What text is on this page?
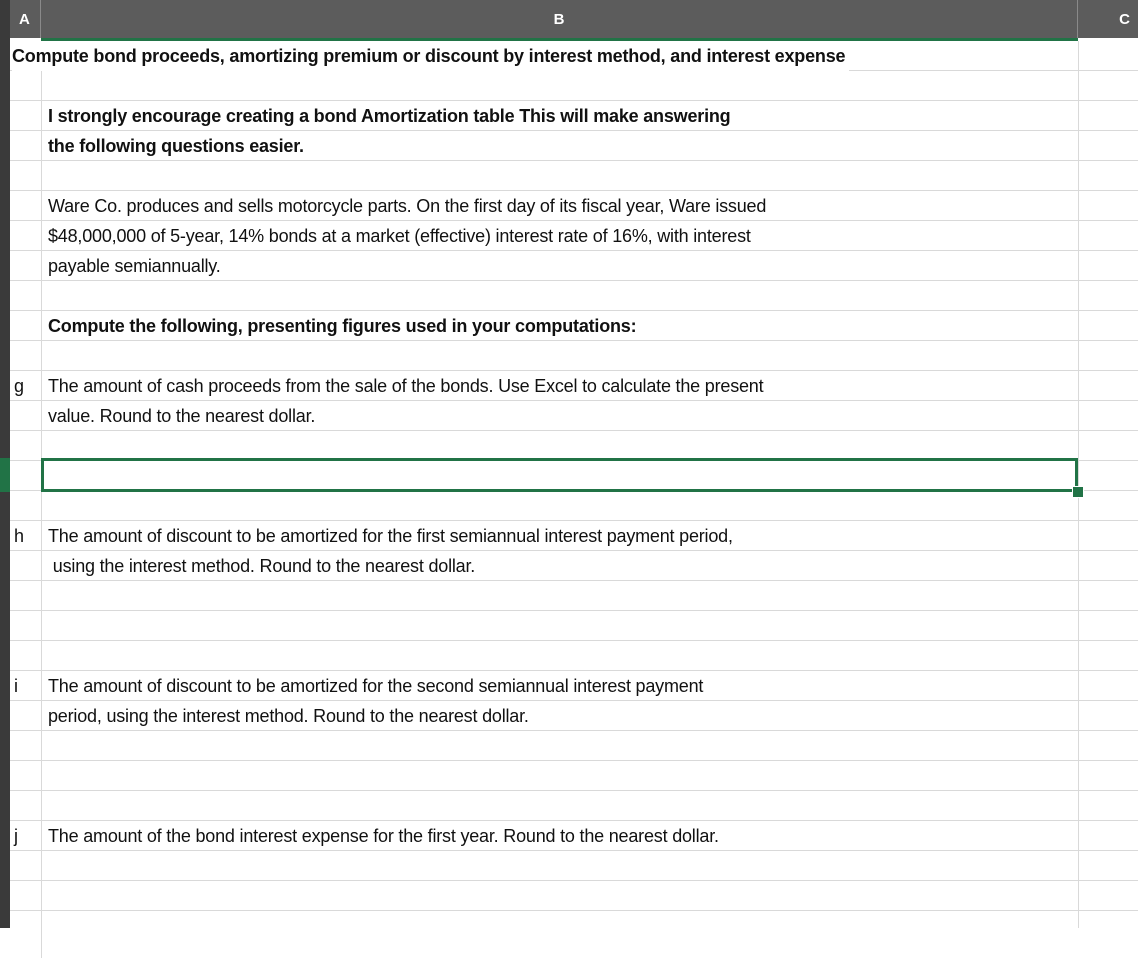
A	B	C
Compute bond proceeds, amortizing premium or discount by interest method, and interest expense
I strongly encourage creating a bond Amortization table This will make answering
the following questions easier.
Ware Co. produces and sells motorcycle parts. On the first day of its fiscal year, Ware issued
$48,000,000 of 5-year, 14% bonds at a market (effective) interest rate of 16%, with interest
payable semiannually.
Compute the following, presenting figures used in your computations:
g The amount of cash proceeds from the sale of the bonds. Use Excel to calculate the present
value. Round to the nearest dollar.
h The amount of discount to be amortized for the first semiannual interest payment period,
using the interest method. Round to the nearest dollar.
i The amount of discount to be amortized for the second semiannual interest payment
period, using the interest method. Round to the nearest dollar.
j The amount of the bond interest expense for the first year. Round to the nearest dollar.
